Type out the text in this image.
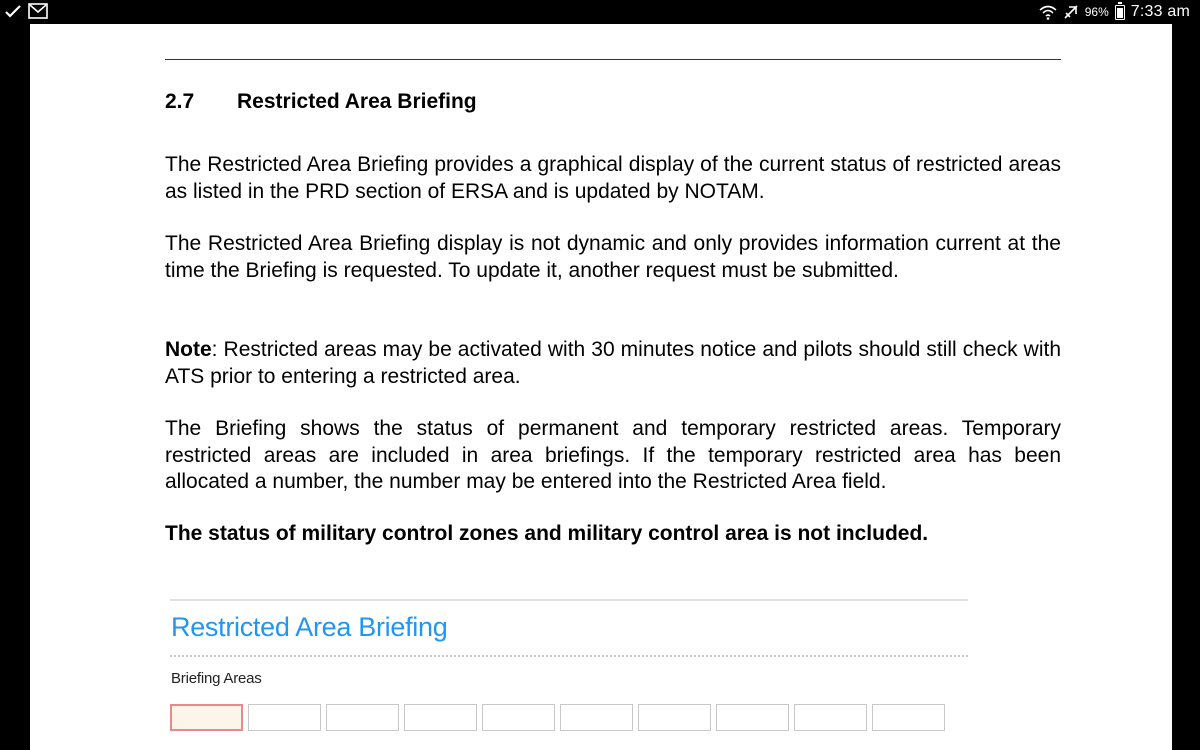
96% 7:33 am
2.7	Restricted Area Briefing

The Restricted Area Briefing provides a graphical display of the current status of restricted areas as listed in the PRD section of ERSA and is updated by NOTAM.

The Restricted Area Briefing display is not dynamic and only provides information current at the time the Briefing is requested. To update it, another request must be submitted.

Note: Restricted areas may be activated with 30 minutes notice and pilots should still check with ATS prior to entering a restricted area.

The Briefing shows the status of permanent and temporary restricted areas. Temporary restricted areas are included in area briefings. If the temporary restricted area has been allocated a number, the number may be entered into the Restricted Area field.

The status of military control zones and military control area is not included.

Restricted Area Briefing
Briefing Areas
